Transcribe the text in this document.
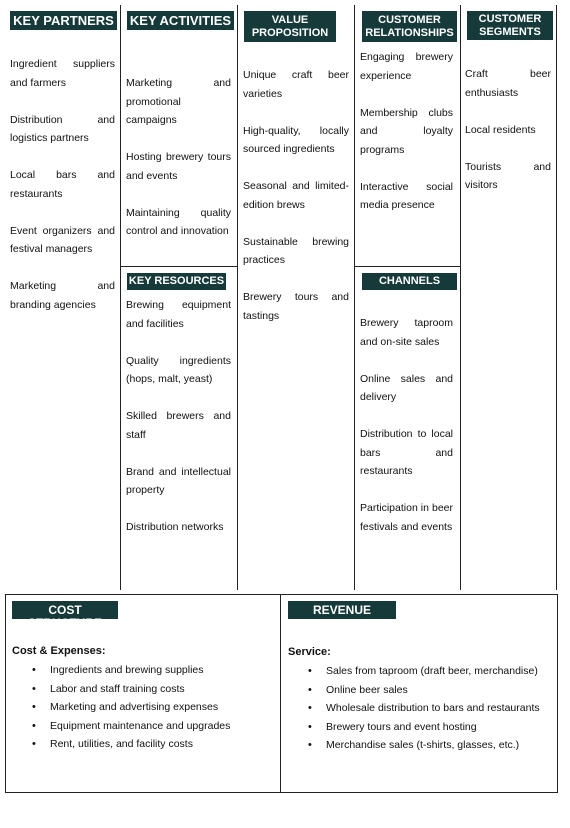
KEY PARTNERS

Ingredient suppliers and farmers

Distribution and logistics partners

Local bars and restaurants

Event organizers and festival managers

Marketing and branding agencies

KEY ACTIVITIES

Marketing and promotional campaigns

Hosting brewery tours and events

Maintaining quality control and innovation

KEY RESOURCES

Brewing equipment and facilities

Quality ingredients (hops, malt, yeast)

Skilled brewers and staff

Brand and intellectual property

Distribution networks

VALUE PROPOSITION

Unique craft beer varieties

High-quality, locally sourced ingredients

Seasonal and limited-edition brews

Sustainable brewing practices

Brewery tours and tastings

CUSTOMER RELATIONSHIPS

Engaging brewery experience

Membership clubs and loyalty programs

Interactive social media presence

CHANNELS

Brewery taproom and on-site sales

Online sales and delivery

Distribution to local bars and restaurants

Participation in beer festivals and events

CUSTOMER SEGMENTS

Craft beer enthusiasts

Local residents

Tourists and visitors

COST STRUCTURE
Cost & Expenses:
• Ingredients and brewing supplies
• Labor and staff training costs
• Marketing and advertising expenses
• Equipment maintenance and upgrades
• Rent, utilities, and facility costs
REVENUE
Service:
• Sales from taproom (draft beer, merchandise)
• Online beer sales
• Wholesale distribution to bars and restaurants
• Brewery tours and event hosting
• Merchandise sales (t-shirts, glasses, etc.)
